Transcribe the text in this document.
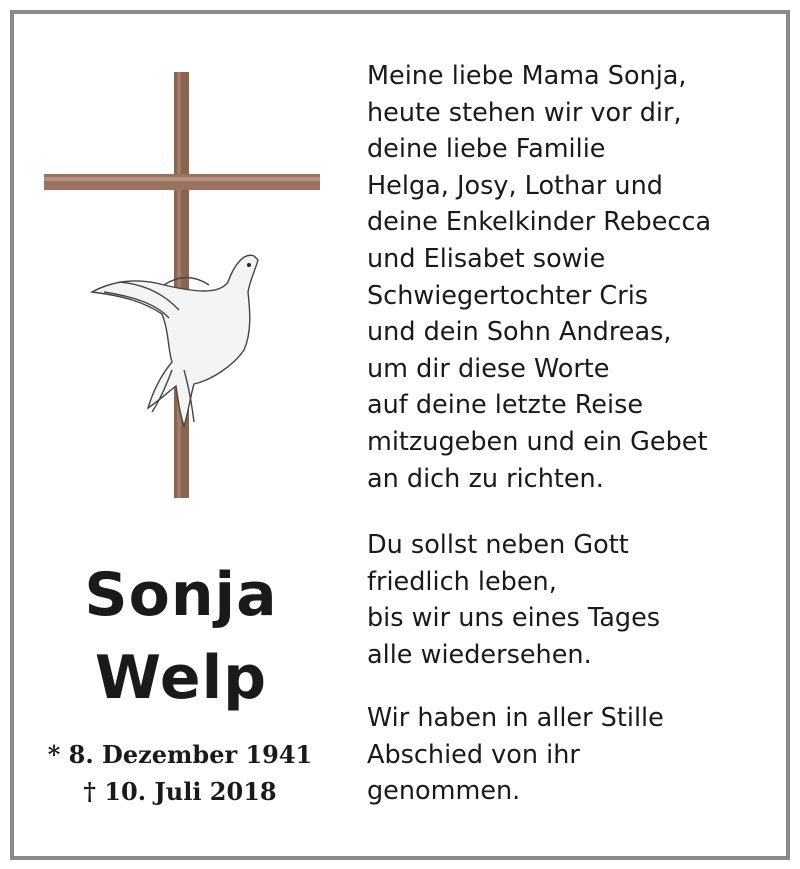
Sonja
Welp
* 8. Dezember 1941
† 10. Juli 2018
Meine liebe Mama Sonja,
heute stehen wir vor dir,
deine liebe Familie
Helga, Josy, Lothar und
deine Enkelkinder Rebecca
und Elisabet sowie
Schwiegertochter Cris
und dein Sohn Andreas,
um dir diese Worte
auf deine letzte Reise
mitzugeben und ein Gebet
an dich zu richten.
Du sollst neben Gott
friedlich leben,
bis wir uns eines Tages
alle wiedersehen.
Wir haben in aller Stille
Abschied von ihr
genommen.
